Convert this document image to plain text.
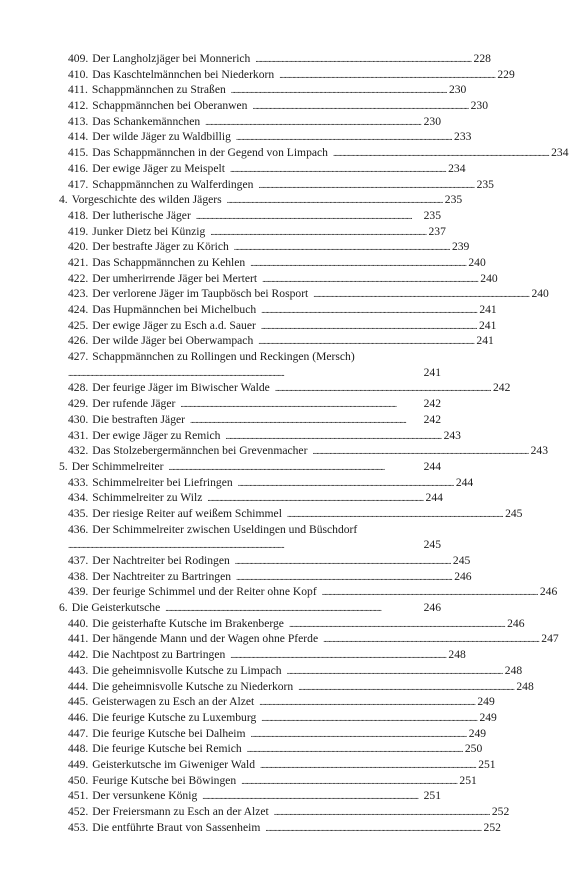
409. Der Langholzjäger bei Monnerich . . .	228
410. Das Kaschtelmännchen bei Niederkorn . . .	229
411. Schappmännchen zu Straßen . . .	230
412. Schappmännchen bei Oberanwen . . .	230
413. Das Schankemännchen . . .	230
414. Der wilde Jäger zu Waldbillig . . .	233
415. Das Schappmännchen in der Gegend von Limpach . . .	234
416. Der ewige Jäger zu Meispelt . . .	234
417. Schappmännchen zu Walferdingen . . .	235
4. Vorgeschichte des wilden Jägers . . .	235
418. Der lutherische Jäger . . .	235
419. Junker Dietz bei Künzig . . .	237
420. Der bestrafte Jäger zu Körich . . .	239
421. Das Schappmännchen zu Kehlen . . .	240
422. Der umherirrende Jäger bei Mertert . . .	240
423. Der verlorene Jäger im Taupbösch bei Rosport . . .	240
424. Das Hupmännchen bei Michelbuch . . .	241
425. Der ewige Jäger zu Esch a.d. Sauer . . .	241
426. Der wilde Jäger bei Oberwampach . . .	241
427. Schappmännchen zu Rollingen und Reckingen (Mersch)
. . .
241
428. Der feurige Jäger im Biwischer Walde . . .	242
429. Der rufende Jäger . . .	242
430. Die bestraften Jäger . . .	242
431. Der ewige Jäger zu Remich . . .	243
432. Das Stolzebergermännchen bei Grevenmacher . . .	243
5. Der Schimmelreiter . . .	244
433. Schimmelreiter bei Liefringen . . .	244
434. Schimmelreiter zu Wilz . . .	244
435. Der riesige Reiter auf weißem Schimmel . . .	245
436. Der Schimmelreiter zwischen Useldingen und Büschdorf
. . .
245
437. Der Nachtreiter bei Rodingen . . .	245
438. Der Nachtreiter zu Bartringen . . .	246
439. Der feurige Schimmel und der Reiter ohne Kopf . . .	246
6. Die Geisterkutsche . . .	246
440. Die geisterhafte Kutsche im Brakenberge . . .	246
441. Der hängende Mann und der Wagen ohne Pferde . . .	247
442. Die Nachtpost zu Bartringen . . .	248
443. Die geheimnisvolle Kutsche zu Limpach . . .	248
444. Die geheimnisvolle Kutsche zu Niederkorn . . .	248
445. Geisterwagen zu Esch an der Alzet . . .	249
446. Die feurige Kutsche zu Luxemburg . . .	249
447. Die feurige Kutsche bei Dalheim . . .	249
448. Die feurige Kutsche bei Remich . . .	250
449. Geisterkutsche im Giweniger Wald . . .	251
450. Feurige Kutsche bei Böwingen . . .	251
451. Der versunkene König . . .	251
452. Der Freiersmann zu Esch an der Alzet . . .	252
453. Die entführte Braut von Sassenheim . . .	252
